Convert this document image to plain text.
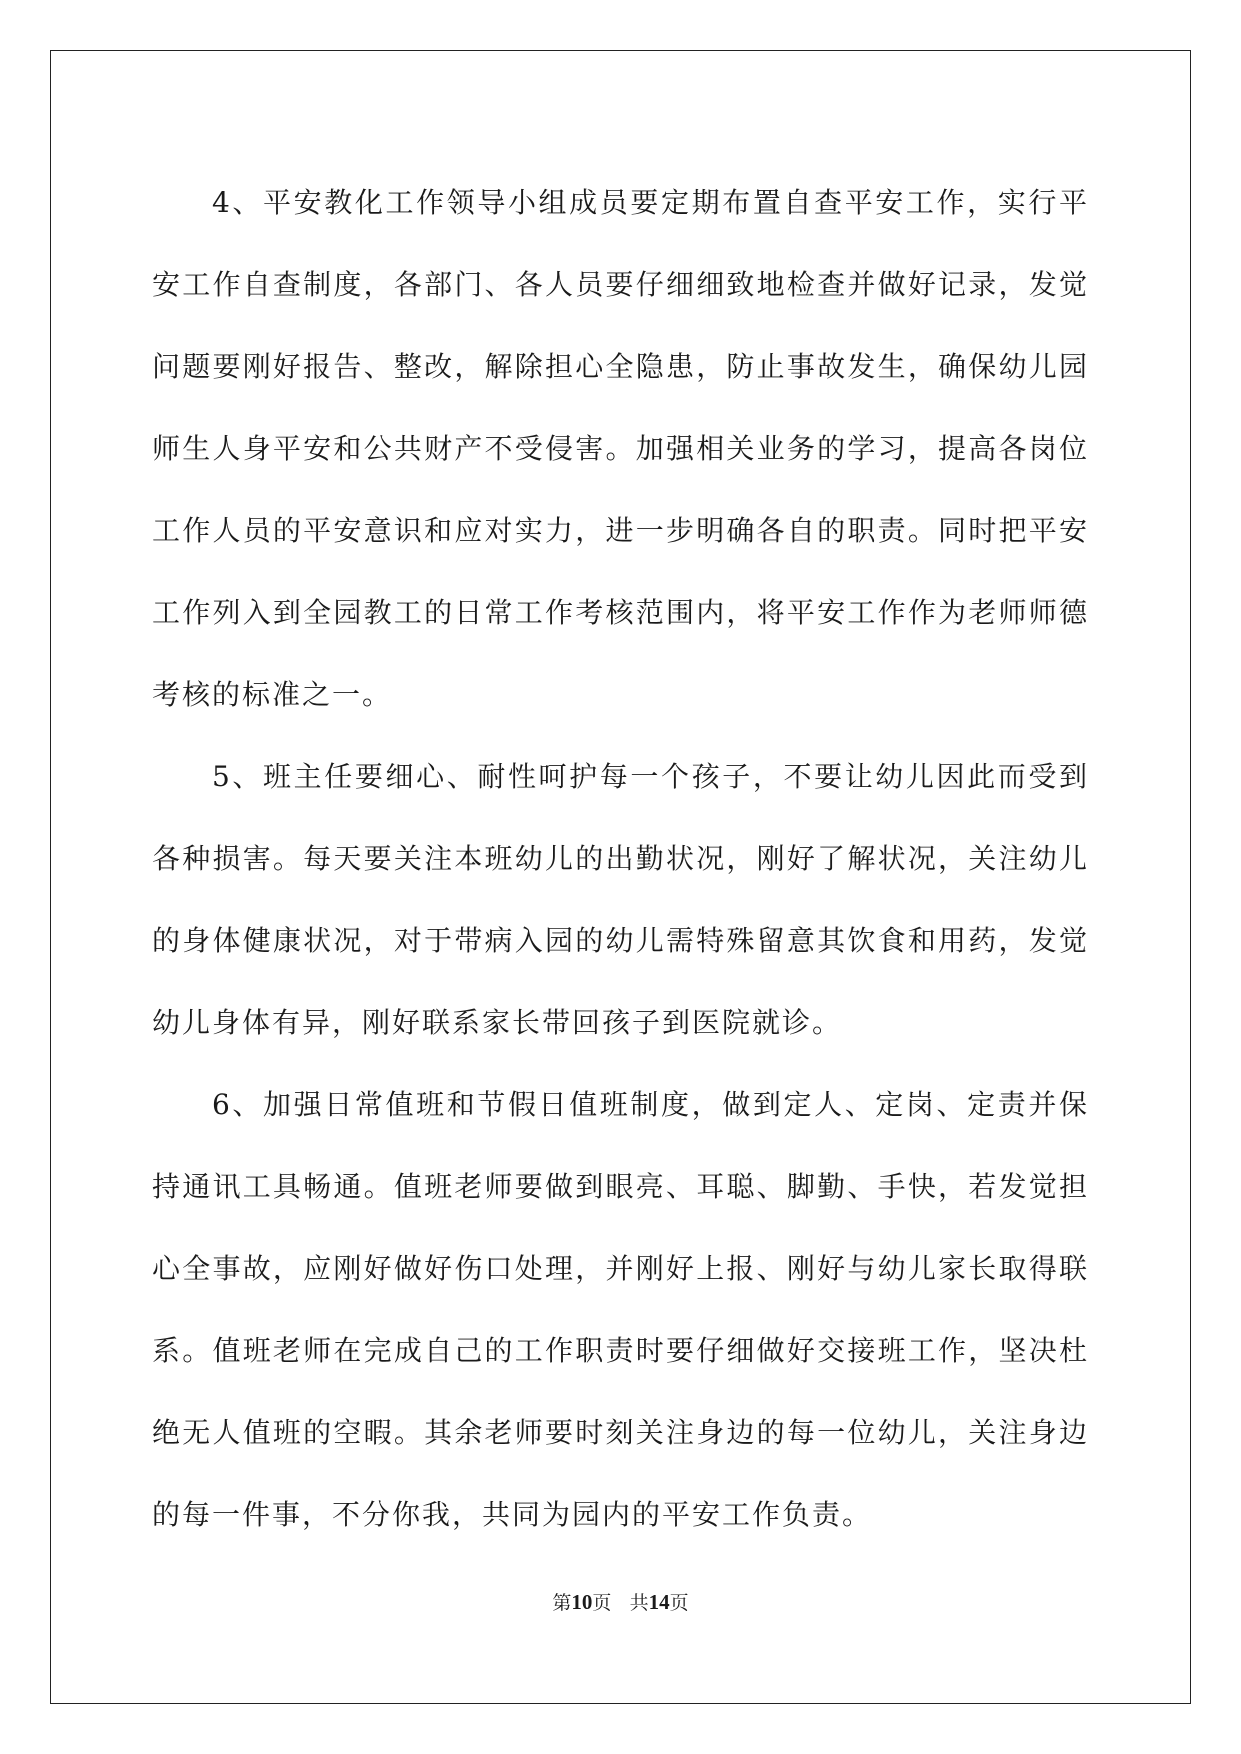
4、平安教化工作领导小组成员要定期布置自查平安工作，实行平安工作自查制度，各部门、各人员要仔细细致地检查并做好记录，发觉问题要刚好报告、整改，解除担心全隐患，防止事故发生，确保幼儿园师生人身平安和公共财产不受侵害。加强相关业务的学习，提高各岗位工作人员的平安意识和应对实力，进一步明确各自的职责。同时把平安工作列入到全园教工的日常工作考核范围内，将平安工作作为老师师德考核的标准之一。

5、班主任要细心、耐性呵护每一个孩子，不要让幼儿因此而受到各种损害。每天要关注本班幼儿的出勤状况，刚好了解状况，关注幼儿的身体健康状况，对于带病入园的幼儿需特殊留意其饮食和用药，发觉幼儿身体有异，刚好联系家长带回孩子到医院就诊。

6、加强日常值班和节假日值班制度，做到定人、定岗、定责并保持通讯工具畅通。值班老师要做到眼亮、耳聪、脚勤、手快，若发觉担心全事故，应刚好做好伤口处理，并刚好上报、刚好与幼儿家长取得联系。值班老师在完成自己的工作职责时要仔细做好交接班工作，坚决杜绝无人值班的空暇。其余老师要时刻关注身边的每一位幼儿，关注身边的每一件事，不分你我，共同为园内的平安工作负责。

第10页 共14页
